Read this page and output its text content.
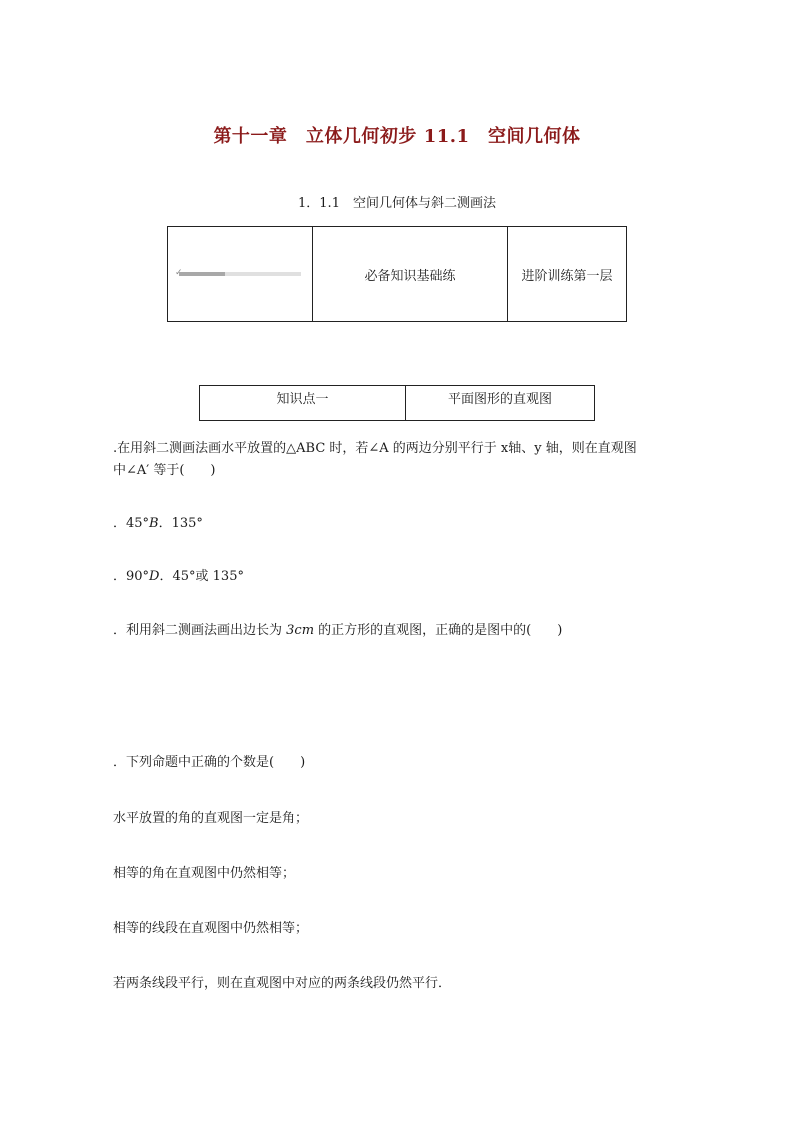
第十一章　立体几何初步 11.1　空间几何体
1．1.1　空间几何体与斜二测画法
✓	必备知识基础练	进阶训练第一层
知识点一	平面图形的直观图
.在用斜二测画法画水平放置的△ABC 时，若∠A 的两边分别平行于 x轴、y 轴，则在直观图
中∠A′ 等于(　　)
．45°B．135°
．90°D．45°或 135°
．利用斜二测画法画出边长为 3cm 的正方形的直观图，正确的是图中的(　　)
．下列命题中正确的个数是(　　)
水平放置的角的直观图一定是角；
相等的角在直观图中仍然相等；
相等的线段在直观图中仍然相等；
若两条线段平行，则在直观图中对应的两条线段仍然平行．
